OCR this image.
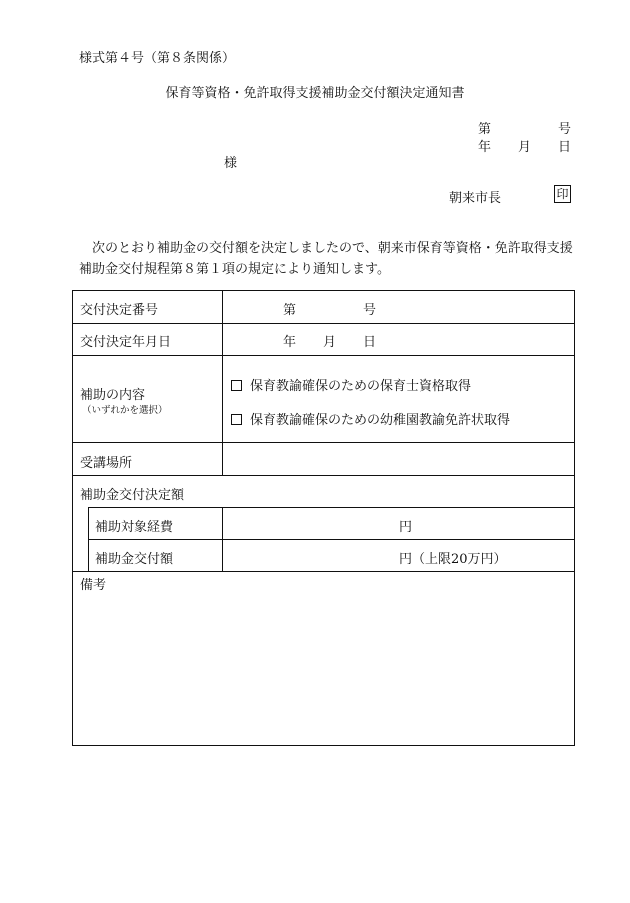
様式第４号（第８条関係）
保育等資格・免許取得支援補助金交付額決定通知書
第	号
年 月 日
様
朝来市長	印
次のとおり補助金の交付額を決定しましたので、朝来市保育等資格・免許取得支援
補助金交付規程第８第１項の規定により通知します。
交付決定番号	第	号
交付決定年月日	年 月 日
補助の内容
（いずれかを選択）
保育教諭確保のための保育士資格取得
保育教諭確保のための幼稚園教諭免許状取得
受講場所
補助金交付決定額
補助対象経費	円
補助金交付額	円（上限20万円）
備考
